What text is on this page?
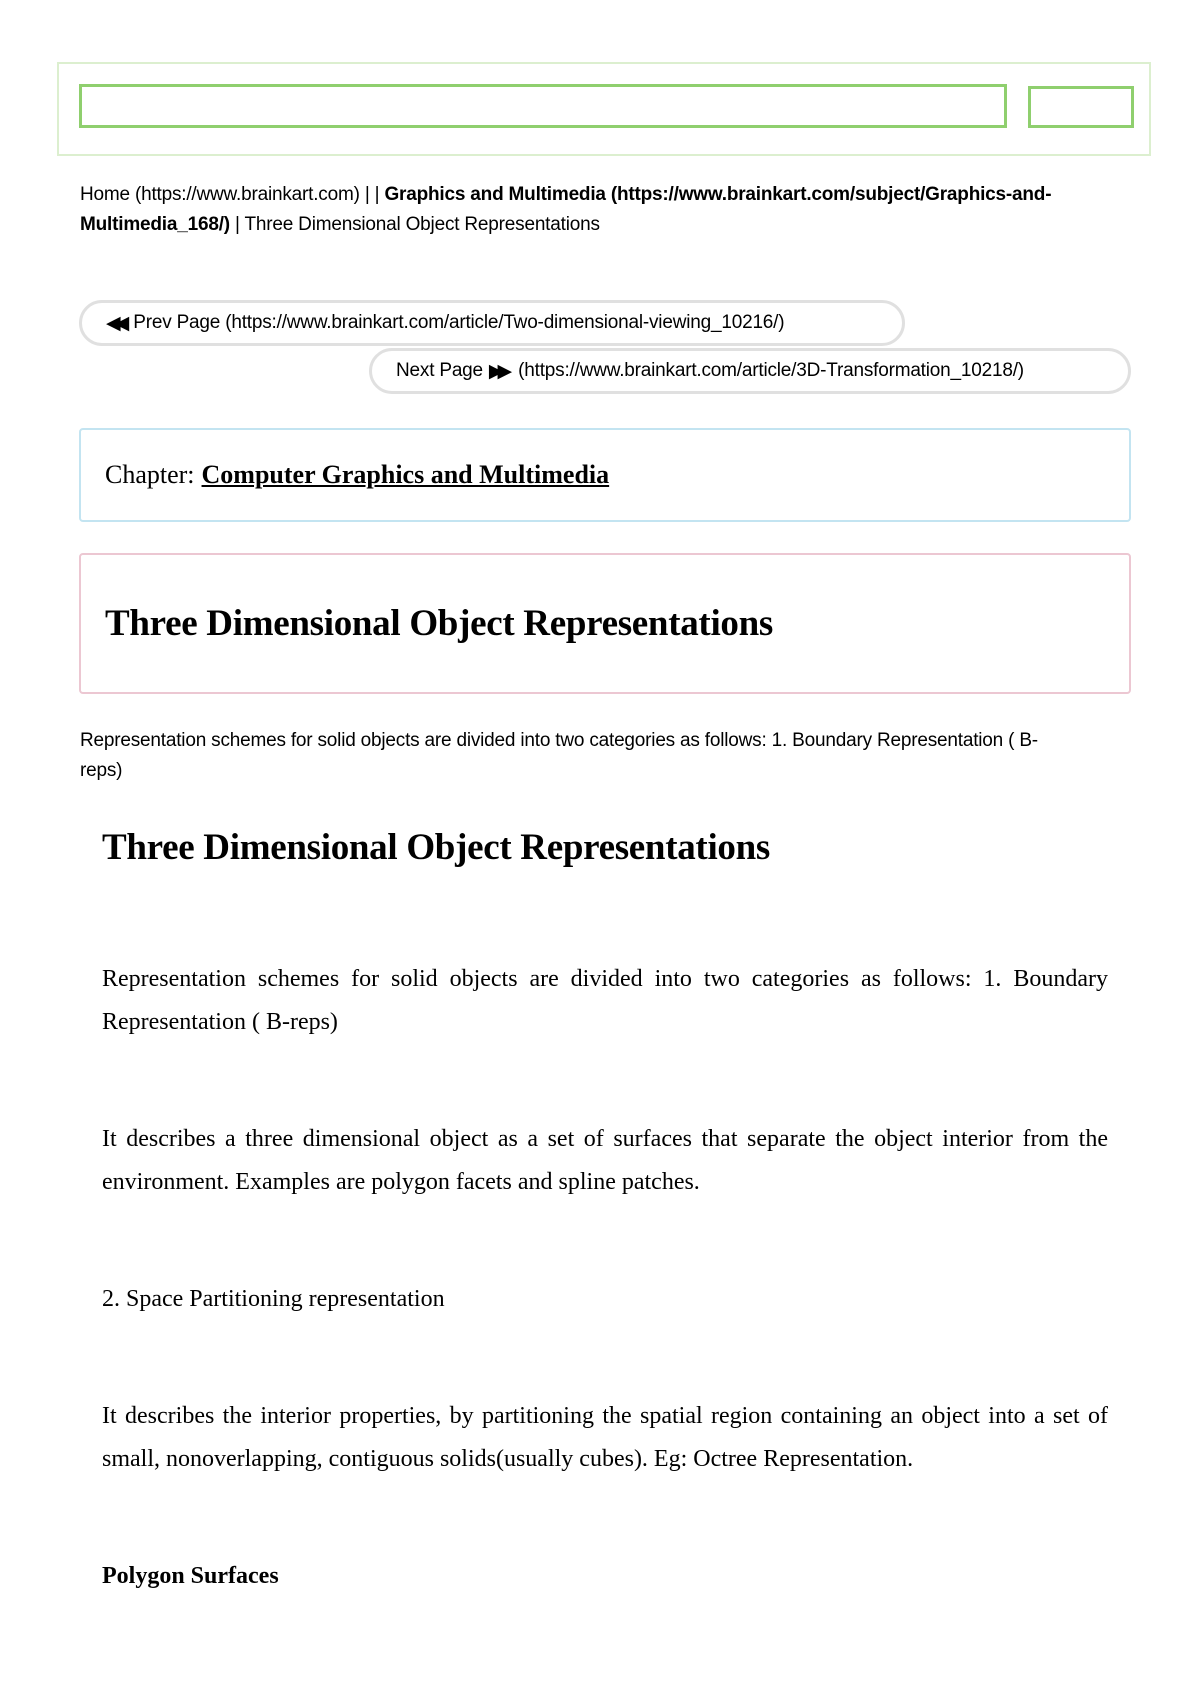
Home (https://www.brainkart.com) | | Graphics and Multimedia (https://www.brainkart.com/subject/Graphics-and-Multimedia_168/) | Three Dimensional Object Representations
◀◀ Prev Page (https://www.brainkart.com/article/Two-dimensional-viewing_10216/)
Next Page ▶▶ (https://www.brainkart.com/article/3D-Transformation_10218/)
Chapter: Computer Graphics and Multimedia
Three Dimensional Object Representations
Representation schemes for solid objects are divided into two categories as follows: 1. Boundary Representation ( B-reps)
Three Dimensional Object Representations

Representation schemes for solid objects are divided into two categories as follows: 1. Boundary Representation ( B-reps)

It describes a three dimensional object as a set of surfaces that separate the object interior from the environment. Examples are polygon facets and spline patches.

2. Space Partitioning representation

It describes the interior properties, by partitioning the spatial region containing an object into a set of small, nonoverlapping, contiguous solids(usually cubes). Eg: Octree Representation.

Polygon Surfaces
